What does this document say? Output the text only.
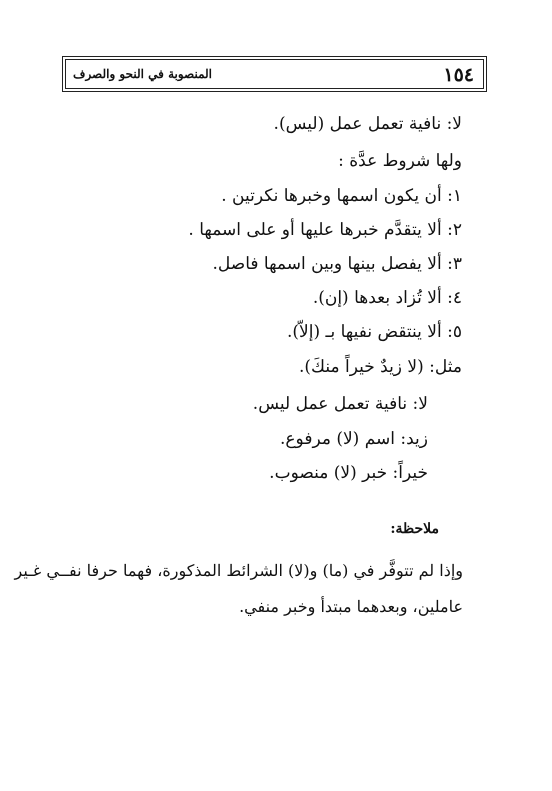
١٥٤
المنصوبة في النحو والصرف
لا: نافية تعمل عمل (ليس).
ولها شروط عدَّة :
١: أن يكون اسمها وخبرها نكرتين .
٢: ألا يتقدَّم خبرها عليها أو على اسمها .
٣: ألا يفصل بينها وبين اسمها فاصل.
٤: ألا تُزاد بعدها (إن).
٥: ألا ينتقض نفيها بـ (إلاّ).
مثل: (لا زيدٌ خيراً منكَ).
لا: نافية تعمل عمل ليس.
زيد: اسم (لا) مرفوع.
خيراً: خبر (لا) منصوب.
ملاحظة:
وإذا لم تتوفَّر في (ما) و(لا) الشرائط المذكورة، فهما حرفا نفــي غـير
عاملين، وبعدهما مبتدأ وخبر منفي.
